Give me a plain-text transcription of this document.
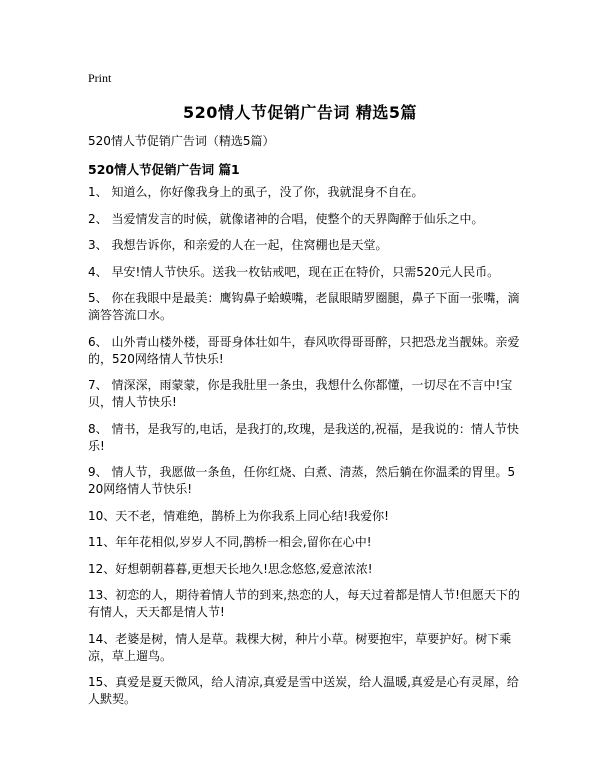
Print
520情人节促销广告词 精选5篇
520情人节促销广告词（精选5篇）
520情人节促销广告词 篇1
1、 知道么，你好像我身上的虱子，没了你，我就混身不自在。
2、 当爱情发言的时候，就像诸神的合唱，使整个的天界陶醉于仙乐之中。
3、 我想告诉你，和亲爱的人在一起，住窝棚也是天堂。
4、 早安!情人节快乐。送我一枚钻戒吧，现在正在特价，只需520元人民币。
5、 你在我眼中是最美：鹰钩鼻子蛤蟆嘴，老鼠眼睛罗圈腿，鼻子下面一张嘴，滴滴答答流口水。
6、 山外青山楼外楼，哥哥身体壮如牛，春风吹得哥哥醉，只把恐龙当靓妹。亲爱的，520网络情人节快乐!
7、 情深深，雨蒙蒙，你是我肚里一条虫，我想什么你都懂，一切尽在不言中!宝贝，情人节快乐!
8、 情书，是我写的,电话，是我打的,玫瑰，是我送的,祝福，是我说的：情人节快乐!
9、 情人节，我愿做一条鱼，任你红烧、白煮、清蒸，然后躺在你温柔的胃里。520网络情人节快乐!
10、天不老，情难绝，鹊桥上为你我系上同心结!我爱你!
11、年年花相似,岁岁人不同,鹊桥一相会,留你在心中!
12、好想朝朝暮暮,更想天长地久!思念悠悠,爱意浓浓!
13、初恋的人，期待着情人节的到来,热恋的人，每天过着都是情人节!但愿天下的有情人，天天都是情人节!
14、老婆是树，情人是草。栽棵大树，种片小草。树要抱牢，草要护好。树下乘凉，草上遛鸟。
15、真爱是夏天微风，给人清凉,真爱是雪中送炭，给人温暖,真爱是心有灵犀，给人默契。
